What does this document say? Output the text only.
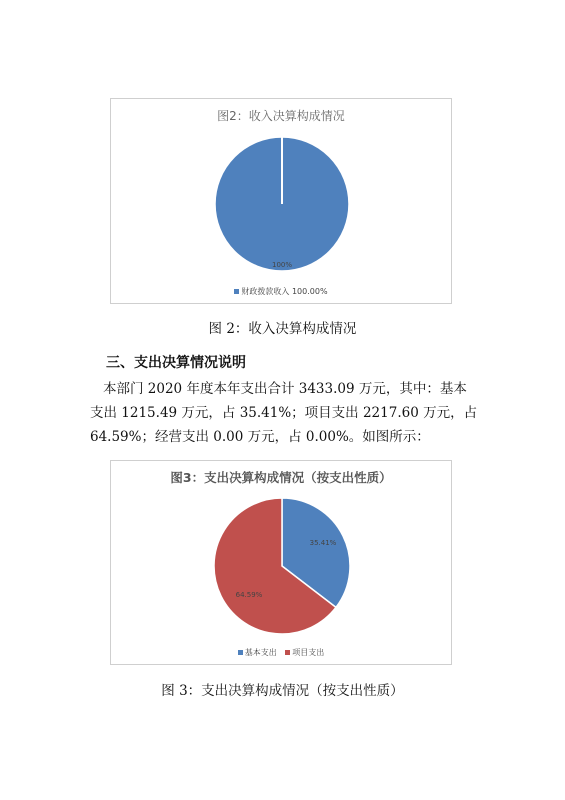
图2：收入决算构成情况
100%
财政拨款收入 100.00%
图 2：收入决算构成情况
三、支出决算情况说明
本部门 2020 年度本年支出合计 3433.09 万元，其中：基本
支出 1215.49 万元，占 35.41%；项目支出 2217.60 万元，占
64.59%；经营支出 0.00 万元，占 0.00%。如图所示：
图3：支出决算构成情况（按支出性质）
35.41%
64.59%
基本支出 项目支出
图 3：支出决算构成情况（按支出性质）
